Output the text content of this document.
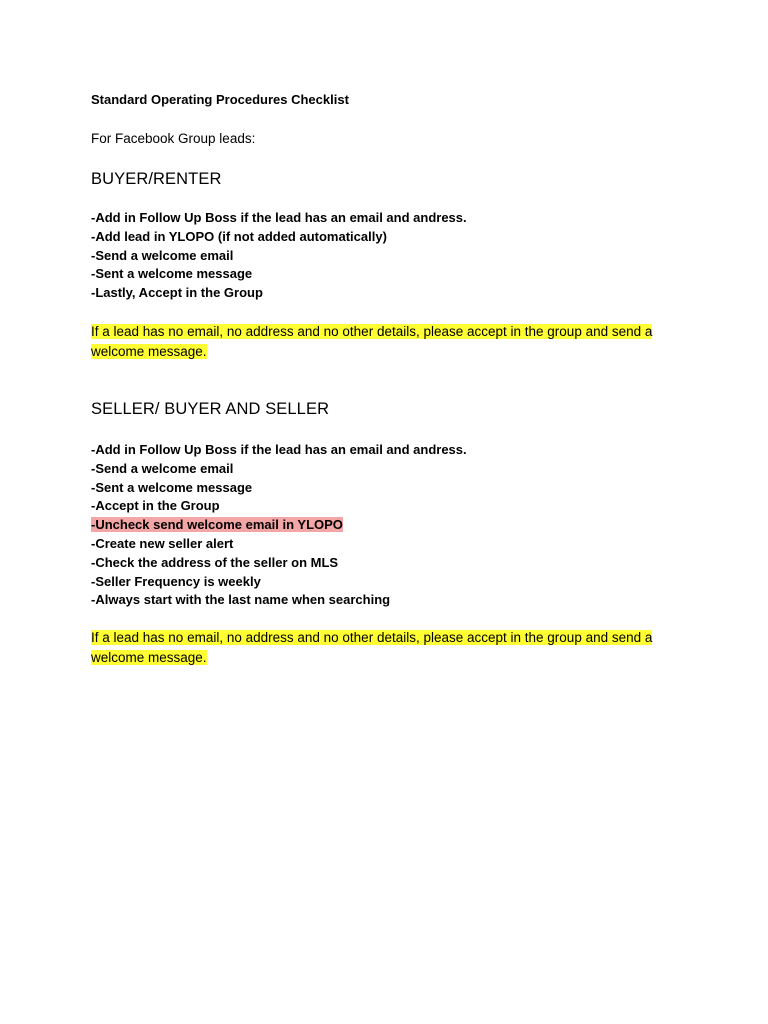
Standard Operating Procedures Checklist
For Facebook Group leads:
BUYER/RENTER
-Add in Follow Up Boss if the lead has an email and andress.
-Add lead in YLOPO (if not added automatically)
-Send a welcome email
-Sent a welcome message
-Lastly, Accept in the Group
If a lead has no email, no address and no other details, please accept in the group and send a welcome message.
SELLER/ BUYER AND SELLER
-Add in Follow Up Boss if the lead has an email and andress.
-Send a welcome email
-Sent a welcome message
-Accept in the Group
-Uncheck send welcome email in YLOPO
-Create new seller alert
-Check the address of the seller on MLS
-Seller Frequency is weekly
-Always start with the last name when searching
If a lead has no email, no address and no other details, please accept in the group and send a welcome message.
